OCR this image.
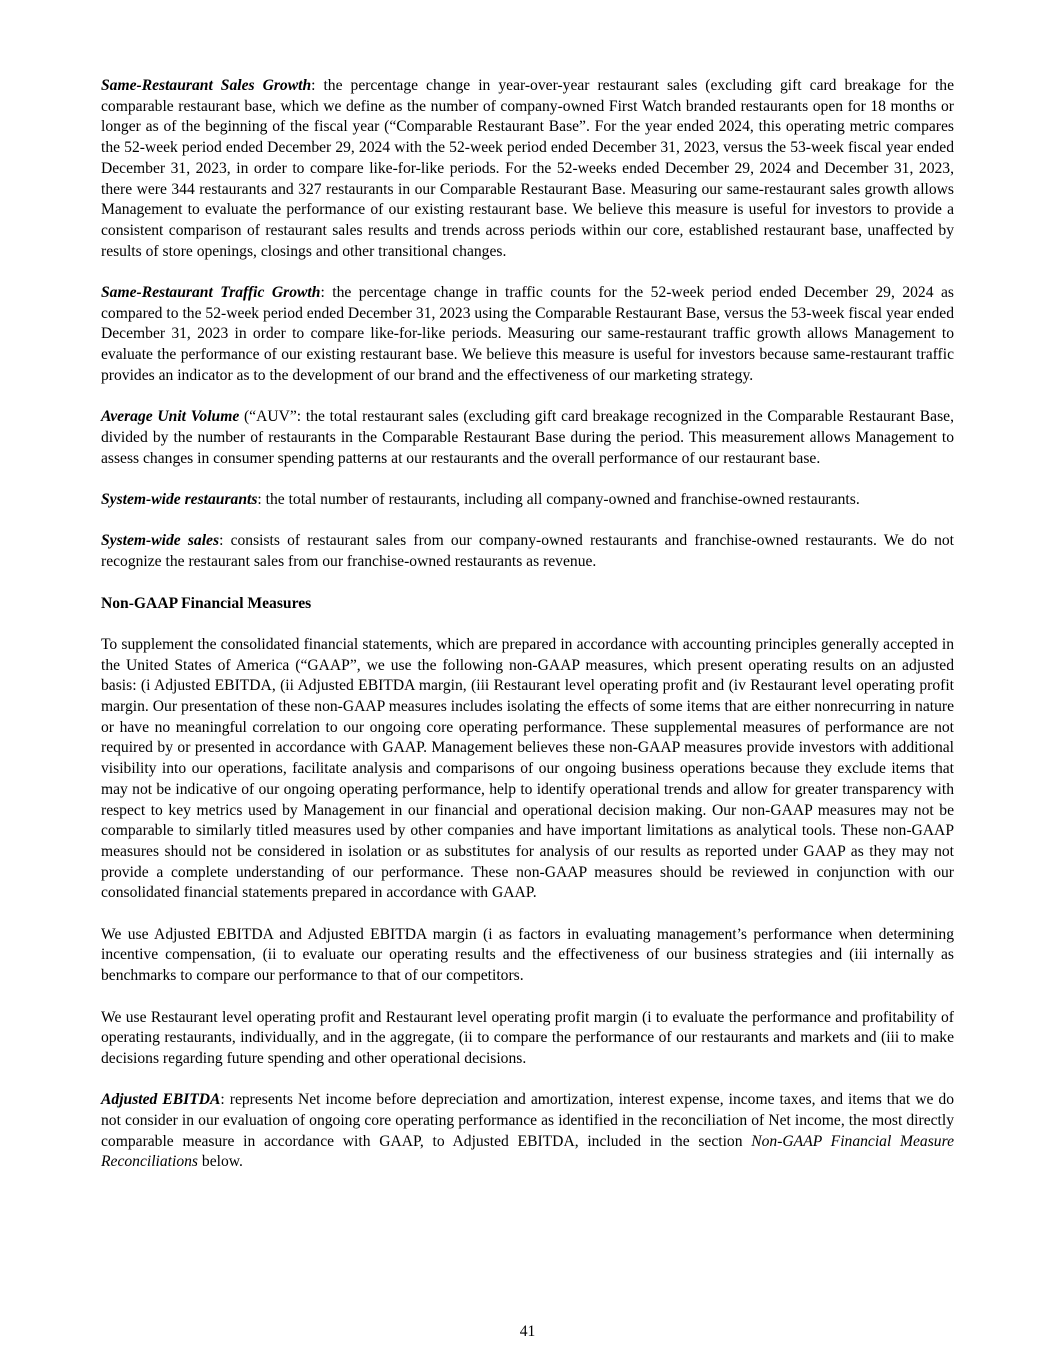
Same-Restaurant Sales Growth: the percentage change in year-over-year restaurant sales (excluding gift card breakage for the comparable restaurant base, which we define as the number of company-owned First Watch branded restaurants open for 18 months or longer as of the beginning of the fiscal year (“Comparable Restaurant Base”. For the year ended 2024, this operating metric compares the 52-week period ended December 29, 2024 with the 52-week period ended December 31, 2023, versus the 53-week fiscal year ended December 31, 2023, in order to compare like-for-like periods. For the 52-weeks ended December 29, 2024 and December 31, 2023, there were 344 restaurants and 327 restaurants in our Comparable Restaurant Base. Measuring our same-restaurant sales growth allows Management to evaluate the performance of our existing restaurant base. We believe this measure is useful for investors to provide a consistent comparison of restaurant sales results and trends across periods within our core, established restaurant base, unaffected by results of store openings, closings and other transitional changes.

Same-Restaurant Traffic Growth: the percentage change in traffic counts for the 52-week period ended December 29, 2024 as compared to the 52-week period ended December 31, 2023 using the Comparable Restaurant Base, versus the 53-week fiscal year ended December 31, 2023 in order to compare like-for-like periods. Measuring our same-restaurant traffic growth allows Management to evaluate the performance of our existing restaurant base. We believe this measure is useful for investors because same-restaurant traffic provides an indicator as to the development of our brand and the effectiveness of our marketing strategy.

Average Unit Volume (“AUV”: the total restaurant sales (excluding gift card breakage recognized in the Comparable Restaurant Base, divided by the number of restaurants in the Comparable Restaurant Base during the period. This measurement allows Management to assess changes in consumer spending patterns at our restaurants and the overall performance of our restaurant base.

System-wide restaurants: the total number of restaurants, including all company-owned and franchise-owned restaurants.

System-wide sales: consists of restaurant sales from our company-owned restaurants and franchise-owned restaurants. We do not recognize the restaurant sales from our franchise-owned restaurants as revenue.

Non-GAAP Financial Measures

To supplement the consolidated financial statements, which are prepared in accordance with accounting principles generally accepted in the United States of America (“GAAP”, we use the following non-GAAP measures, which present operating results on an adjusted basis: (i Adjusted EBITDA, (ii Adjusted EBITDA margin, (iii Restaurant level operating profit and (iv Restaurant level operating profit margin. Our presentation of these non-GAAP measures includes isolating the effects of some items that are either nonrecurring in nature or have no meaningful correlation to our ongoing core operating performance. These supplemental measures of performance are not required by or presented in accordance with GAAP. Management believes these non-GAAP measures provide investors with additional visibility into our operations, facilitate analysis and comparisons of our ongoing business operations because they exclude items that may not be indicative of our ongoing operating performance, help to identify operational trends and allow for greater transparency with respect to key metrics used by Management in our financial and operational decision making. Our non-GAAP measures may not be comparable to similarly titled measures used by other companies and have important limitations as analytical tools. These non-GAAP measures should not be considered in isolation or as substitutes for analysis of our results as reported under GAAP as they may not provide a complete understanding of our performance. These non-GAAP measures should be reviewed in conjunction with our consolidated financial statements prepared in accordance with GAAP.

We use Adjusted EBITDA and Adjusted EBITDA margin (i as factors in evaluating management’s performance when determining incentive compensation, (ii to evaluate our operating results and the effectiveness of our business strategies and (iii internally as benchmarks to compare our performance to that of our competitors.

We use Restaurant level operating profit and Restaurant level operating profit margin (i to evaluate the performance and profitability of operating restaurants, individually, and in the aggregate, (ii to compare the performance of our restaurants and markets and (iii to make decisions regarding future spending and other operational decisions.

Adjusted EBITDA: represents Net income before depreciation and amortization, interest expense, income taxes, and items that we do not consider in our evaluation of ongoing core operating performance as identified in the reconciliation of Net income, the most directly comparable measure in accordance with GAAP, to Adjusted EBITDA, included in the section Non-GAAP Financial Measure Reconciliations below.

41
